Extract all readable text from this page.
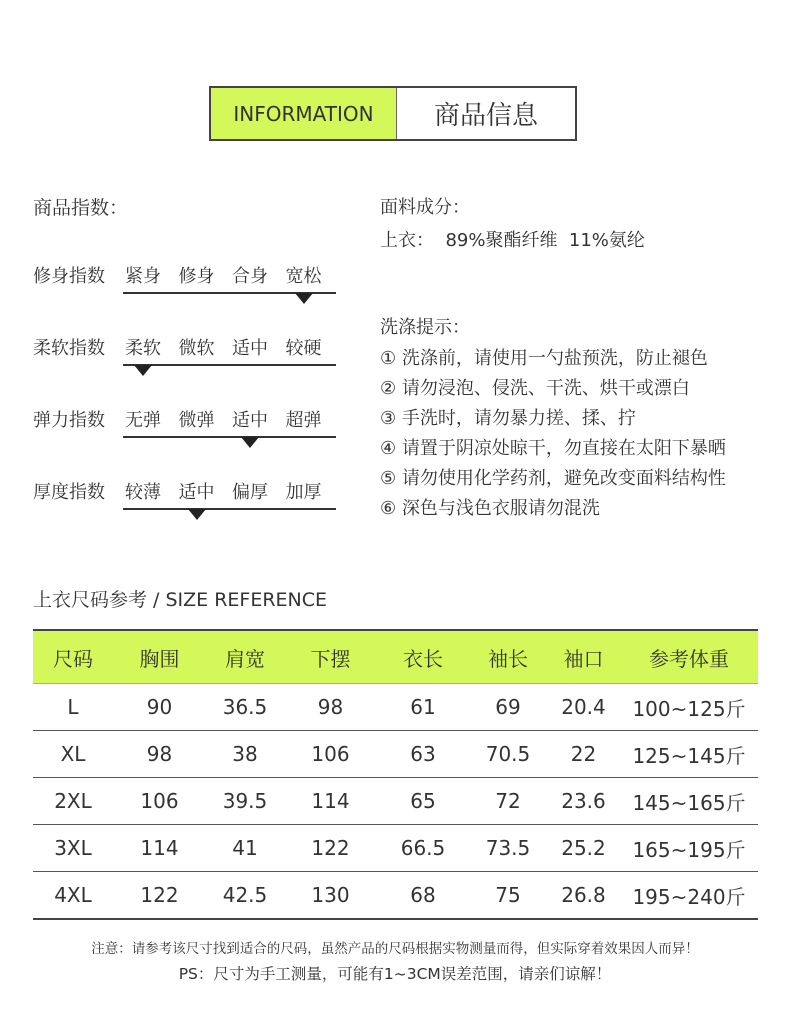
INFORMATION	商品信息
商品指数：
修身指数 紧身 修身 合身 宽松
柔软指数 柔软 微软 适中 较硬
弹力指数 无弹 微弹 适中 超弹
厚度指数 较薄 适中 偏厚 加厚
面料成分：
上衣：  89%聚酯纤维  11%氨纶
洗涤提示：
① 洗涤前，请使用一勺盐预洗，防止褪色
② 请勿浸泡、侵洗、干洗、烘干或漂白
③ 手洗时，请勿暴力搓、揉、拧
④ 请置于阴凉处晾干，勿直接在太阳下暴晒
⑤ 请勿使用化学药剂，避免改变面料结构性
⑥ 深色与浅色衣服请勿混洗
上衣尺码参考 / SIZE REFERENCE
尺码	胸围	肩宽	下摆	衣长	袖长	袖口	参考体重
L	90	36.5	98	61	69	20.4	100~125斤
XL	98	38	106	63	70.5	22	125~145斤
2XL	106	39.5	114	65	72	23.6	145~165斤
3XL	114	41	122	66.5	73.5	25.2	165~195斤
4XL	122	42.5	130	68	75	26.8	195~240斤
注意：请参考该尺寸找到适合的尺码，虽然产品的尺码根据实物测量而得，但实际穿着效果因人而异！
PS：尺寸为手工测量，可能有1~3CM误差范围，请亲们谅解！
